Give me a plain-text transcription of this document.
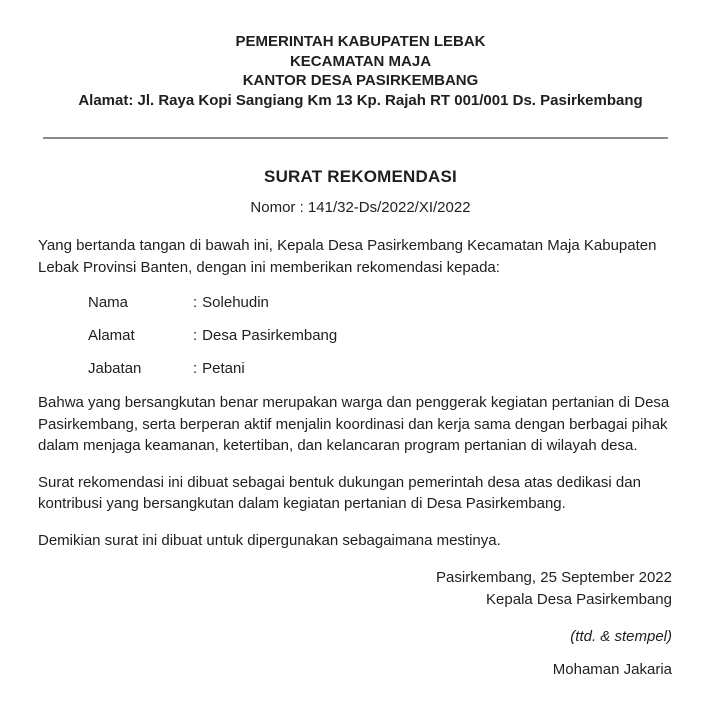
PEMERINTAH KABUPATEN LEBAK
KECAMATAN MAJA
KANTOR DESA PASIRKEMBANG
Alamat: Jl. Raya Kopi Sangiang Km 13 Kp. Rajah RT 001/001 Ds. Pasirkembang
SURAT REKOMENDASI
Nomor : 141/32-Ds/2022/XI/2022

Yang bertanda tangan di bawah ini, Kepala Desa Pasirkembang Kecamatan Maja Kabupaten Lebak Provinsi Banten, dengan ini memberikan rekomendasi kepada:

Nama	: Solehudin
Alamat	: Desa Pasirkembang
Jabatan	: Petani

Bahwa yang bersangkutan benar merupakan warga dan penggerak kegiatan pertanian di Desa Pasirkembang, serta berperan aktif menjalin koordinasi dan kerja sama dengan berbagai pihak dalam menjaga keamanan, ketertiban, dan kelancaran program pertanian di wilayah desa.

Surat rekomendasi ini dibuat sebagai bentuk dukungan pemerintah desa atas dedikasi dan kontribusi yang bersangkutan dalam kegiatan pertanian di Desa Pasirkembang.

Demikian surat ini dibuat untuk dipergunakan sebagaimana mestinya.

Pasirkembang, 25 September 2022
Kepala Desa Pasirkembang
(ttd. & stempel)
Mohaman Jakaria
